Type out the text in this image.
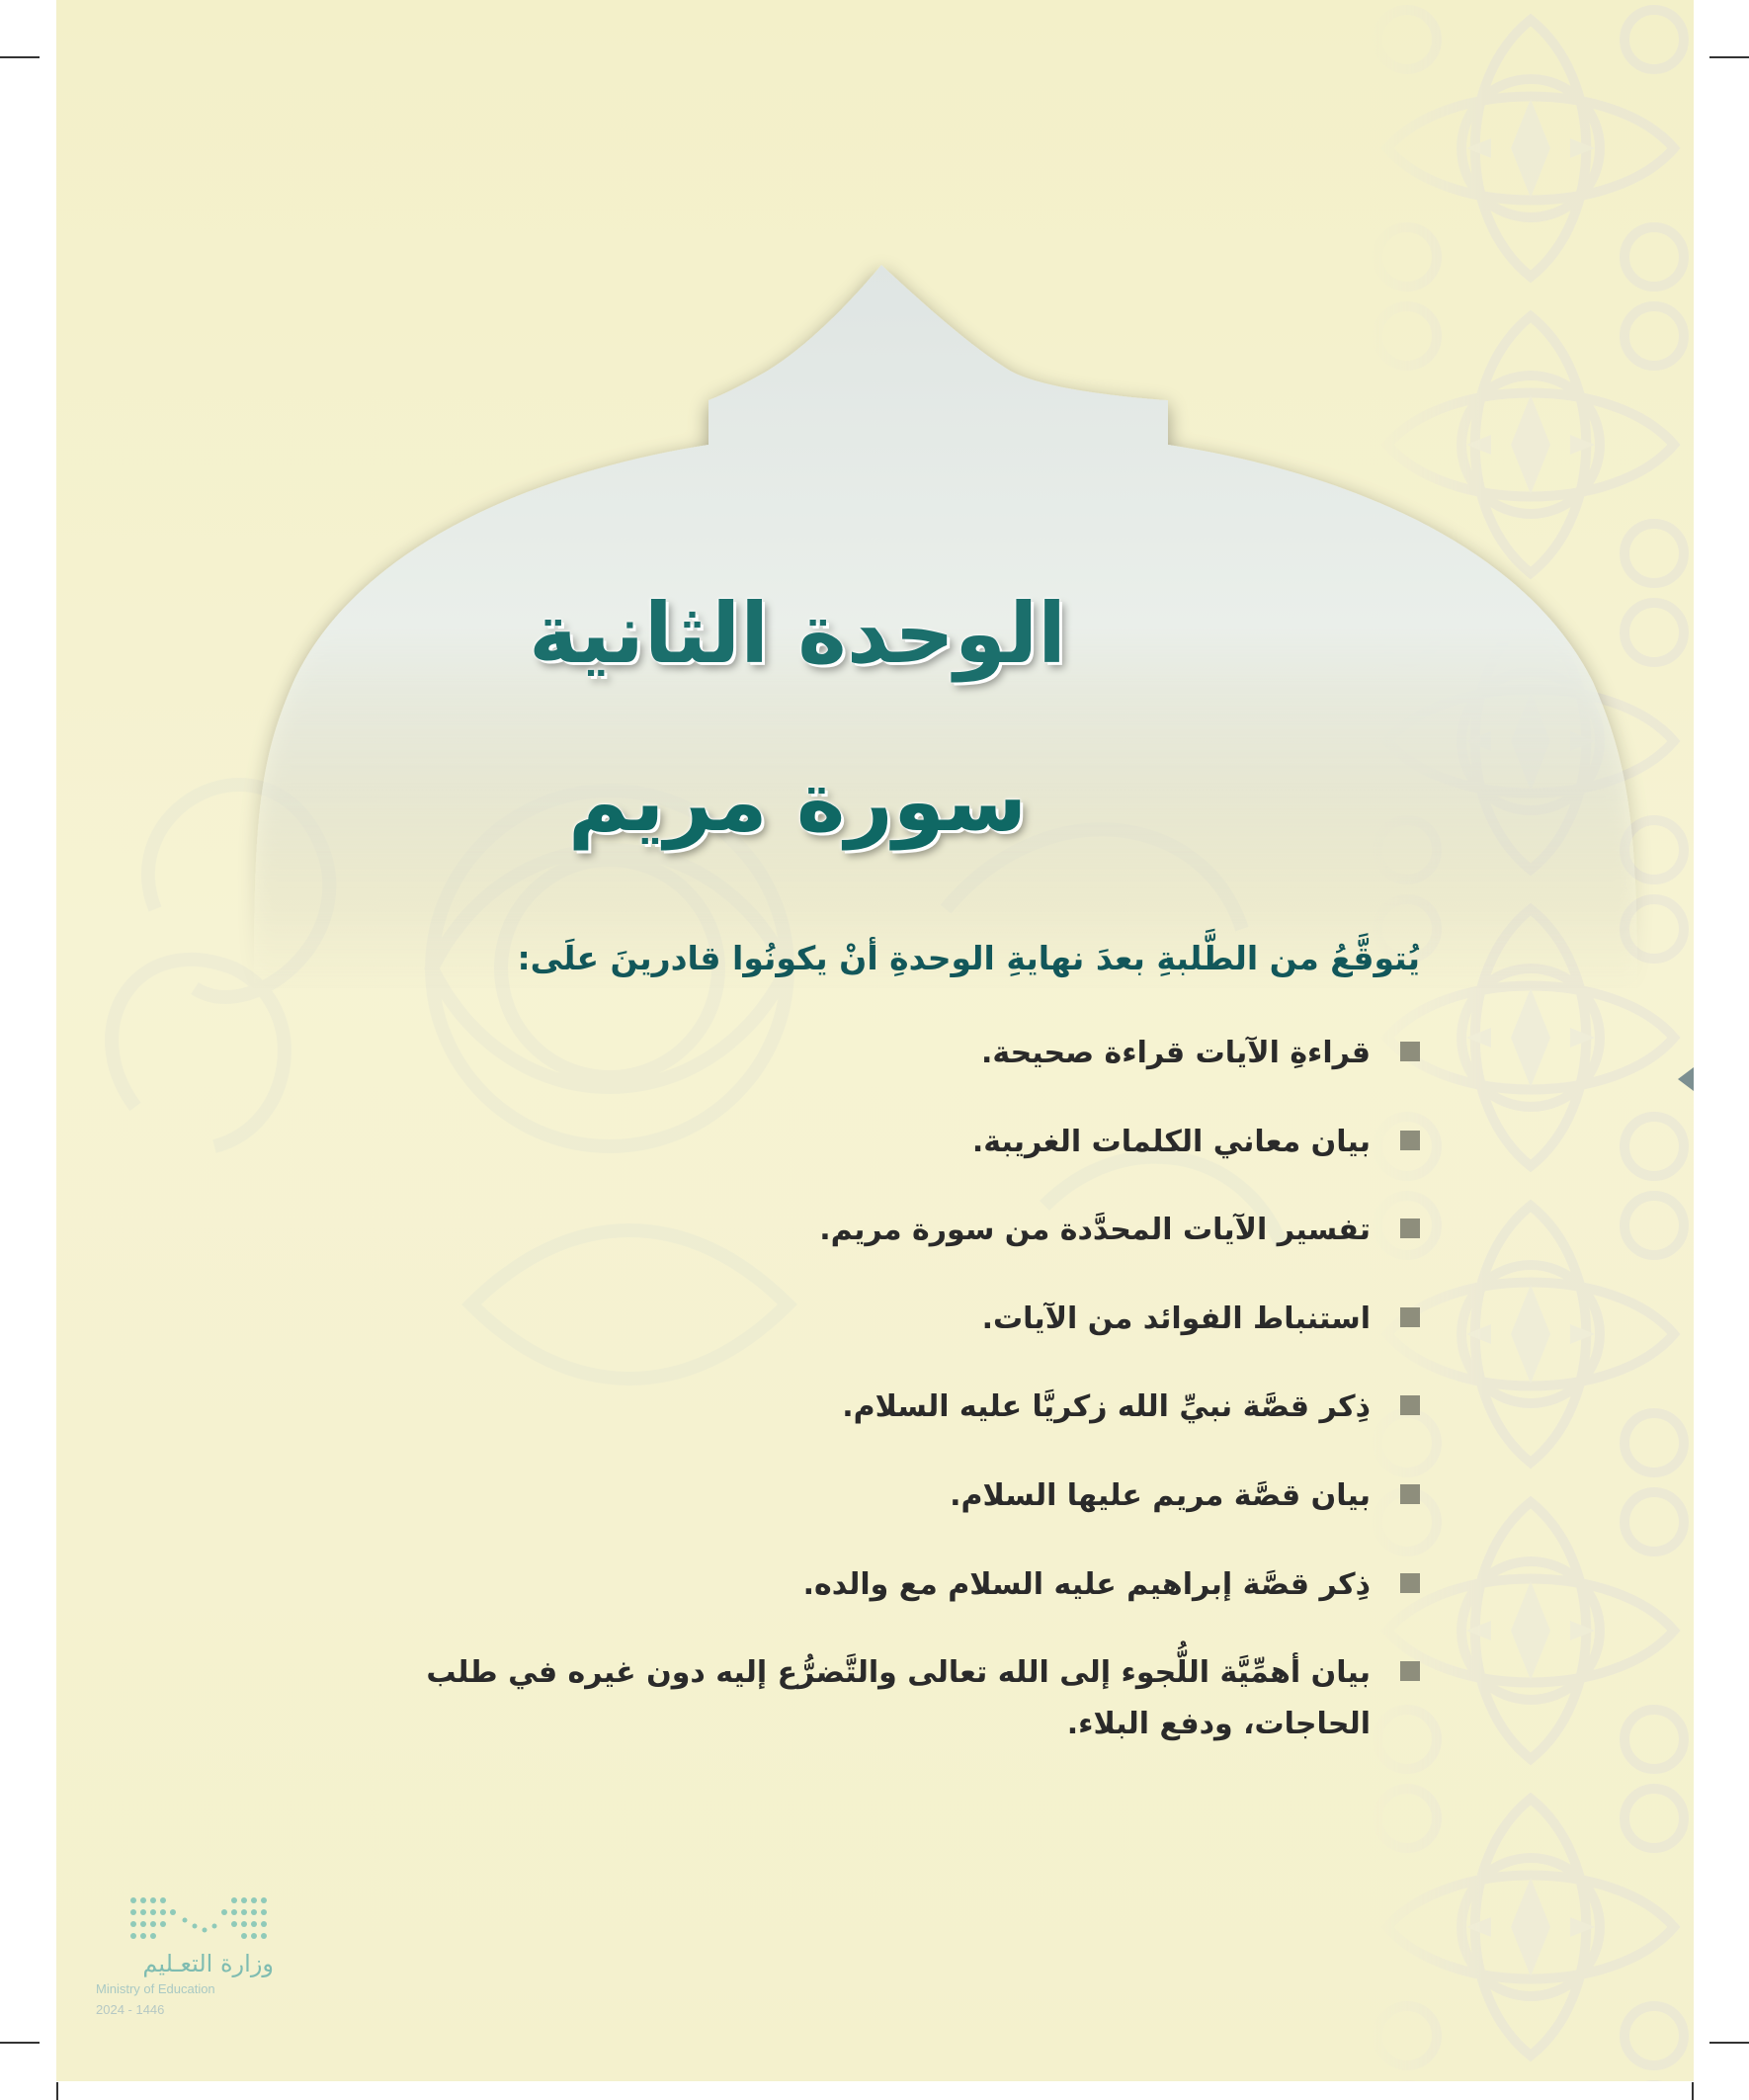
الوحدة الثانية
سورة مريم

يُتوقَّعُ من الطَّلبةِ بعدَ نهايةِ الوحدةِ أنْ يكونُوا قادرينَ علَى:

قراءةِ الآيات قراءة صحيحة.
بيان معاني الكلمات الغريبة.
تفسير الآيات المحدَّدة من سورة مريم.
استنباط الفوائد من الآيات.
ذِكر قصَّة نبيِّ الله زكريَّا عليه السلام.
بيان قصَّة مريم عليها السلام.
ذِكر قصَّة إبراهيم عليه السلام مع والده.
بيان أهمِّيَّة اللُّجوء إلى الله تعالى والتَّضرُّع إليه دون غيره في طلب الحاجات، ودفع البلاء.
وزارة التعـليم
Ministry of Education
2024 - 1446
